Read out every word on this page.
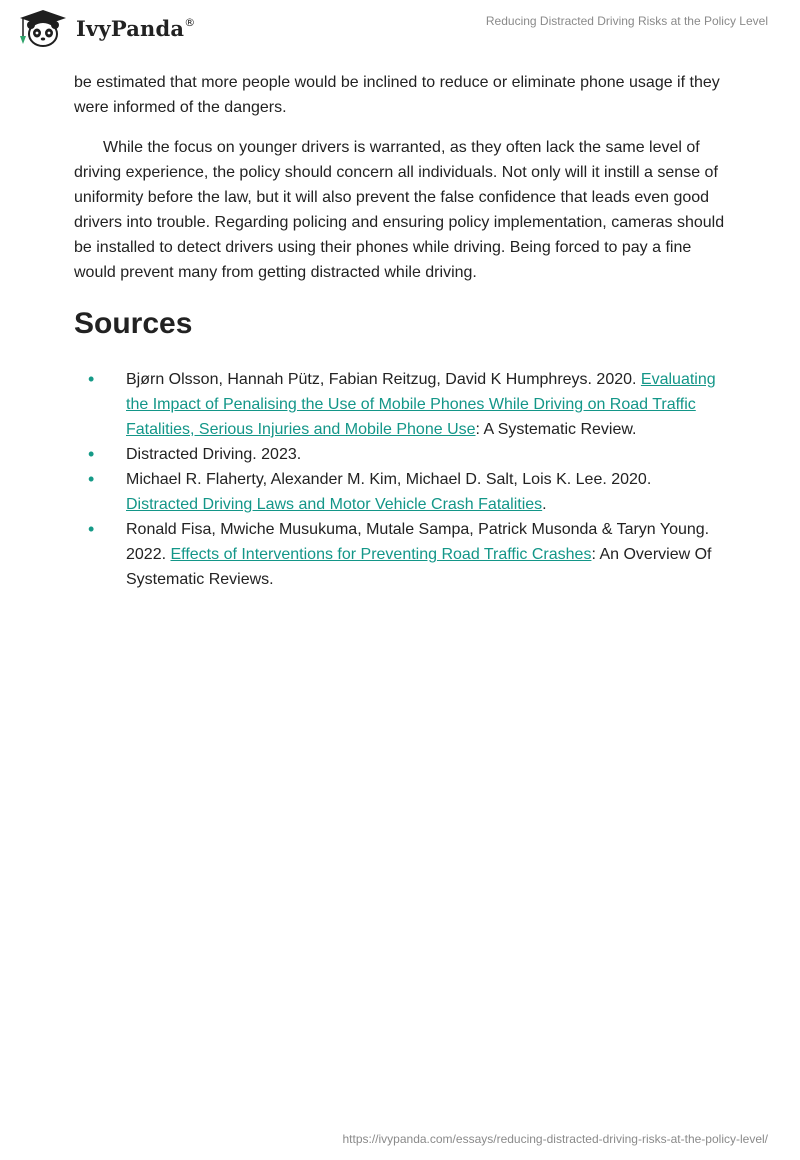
IvyPanda®	Reducing Distracted Driving Risks at the Policy Level

be estimated that more people would be inclined to reduce or eliminate phone usage if they were informed of the dangers.

While the focus on younger drivers is warranted, as they often lack the same level of driving experience, the policy should concern all individuals. Not only will it instill a sense of uniformity before the law, but it will also prevent the false confidence that leads even good drivers into trouble. Regarding policing and ensuring policy implementation, cameras should be installed to detect drivers using their phones while driving. Being forced to pay a fine would prevent many from getting distracted while driving.

Sources
• Bjørn Olsson, Hannah Pütz, Fabian Reitzug, David K Humphreys. 2020. Evaluating the Impact of Penalising the Use of Mobile Phones While Driving on Road Traffic Fatalities, Serious Injuries and Mobile Phone Use: A Systematic Review.
• Distracted Driving. 2023.
• Michael R. Flaherty, Alexander M. Kim, Michael D. Salt, Lois K. Lee. 2020. Distracted Driving Laws and Motor Vehicle Crash Fatalities.
• Ronald Fisa, Mwiche Musukuma, Mutale Sampa, Patrick Musonda & Taryn Young. 2022. Effects of Interventions for Preventing Road Traffic Crashes: An Overview Of Systematic Reviews.
https://ivypanda.com/essays/reducing-distracted-driving-risks-at-the-policy-level/
